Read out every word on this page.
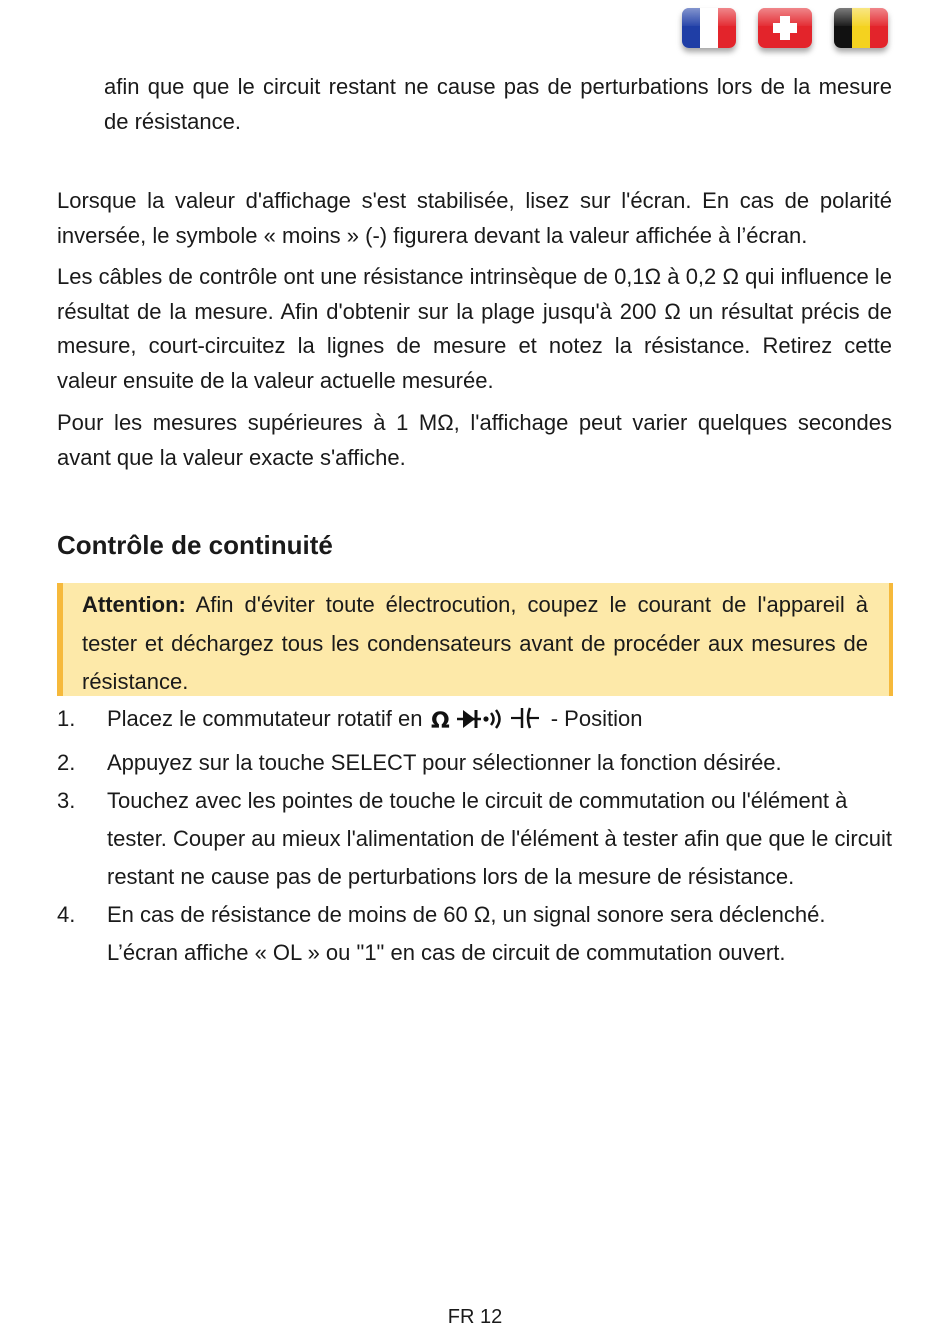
afin que que le circuit restant ne cause pas de perturbations lors de la mesure de résistance.

Lorsque la valeur d'affichage s'est stabilisée, lisez sur l'écran. En cas de polarité inversée, le symbole « moins » (-) figurera devant la valeur affichée à l’écran.

Les câbles de contrôle ont une résistance intrinsèque de 0,1Ω à 0,2 Ω qui influence le résultat de la mesure. Afin d'obtenir sur la plage jusqu'à 200 Ω un résultat précis de mesure, court-circuitez la lignes de mesure et notez la résistance. Retirez cette valeur ensuite de la valeur actuelle mesurée.

Pour les mesures supérieures à 1 MΩ, l'affichage peut varier quelques secondes avant que la valeur exacte s'affiche.

Contrôle de continuité

Attention: Afin d'éviter toute électrocution, coupez le courant de l'appareil à tester et déchargez tous les condensateurs avant de procéder aux mesures de résistance.

1. Placez le commutateur rotatif en Ω	- Position
2. Appuyez sur la touche SELECT pour sélectionner la fonction désirée.
3. Touchez avec les pointes de touche le circuit de commutation ou l'élément à tester. Couper au mieux l'alimentation de l'élément à tester afin que que le circuit restant ne cause pas de perturbations lors de la mesure de résistance.
4. En cas de résistance de moins de 60 Ω, un signal sonore sera déclenché. L’écran affiche « OL » ou "1" en cas de circuit de commutation ouvert.

FR 12
